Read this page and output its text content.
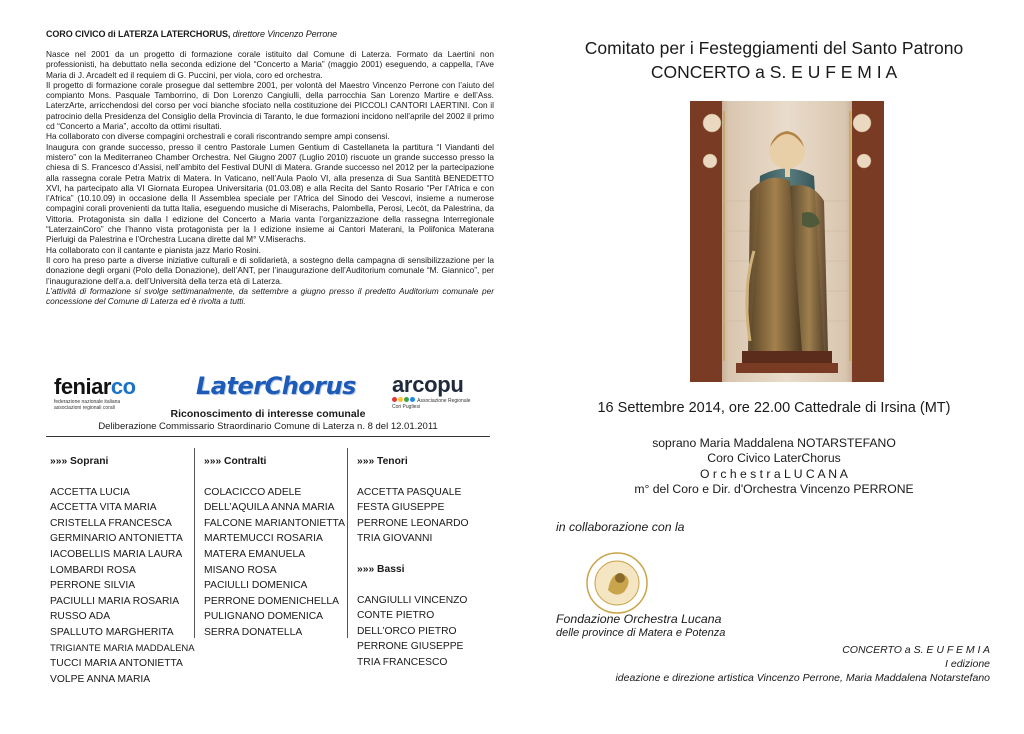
CORO CIVICO di LATERZA LATERCHORUS, direttore Vincenzo Perrone

Nasce nel 2001 da un progetto di formazione corale istituito dal Comune di Laterza. Formato da Laertini non professionisti, ha debuttato nella seconda edizione del “Concerto a Maria” (maggio 2001) eseguendo, a cappella, l’Ave Maria di J. Arcadelt ed il requiem di G. Puccini, per viola, coro ed orchestra.

Il progetto di formazione corale prosegue dal settembre 2001, per volontà del Maestro Vincenzo Perrone con l’aiuto del compianto Mons. Pasquale Tamborrino, di Don Lorenzo Cangiulli, della parrocchia San Lorenzo Martire e dell’Ass. LaterzArte, arricchendosi del corso per voci bianche sfociato nella costituzione dei PICCOLI CANTORI LAERTINI. Con il patrocinio della Presidenza del Consiglio della Provincia di Taranto, le due formazioni incidono nell’aprile del 2002 il primo cd “Concerto a Maria”, accolto da ottimi risultati.

Ha collaborato con diverse compagini orchestrali e corali riscontrando sempre ampi consensi.

Inaugura con grande successo, presso il centro Pastorale Lumen Gentium di Castellaneta la partitura “I Viandanti del mistero” con la Mediterraneo Chamber Orchestra. Nel Giugno 2007 (Luglio 2010) riscuote un grande successo presso la chiesa di S. Francesco d’Assisi, nell’ambito del Festival DUNI di Matera. Grande successo nel 2012 per la partecipazione alla rassegna corale Petra Matrix di Matera. In Vaticano, nell’Aula Paolo VI, alla presenza di Sua Santità BENEDETTO XVI, ha partecipato alla VI Giornata Europea Universitaria (01.03.08) e alla Recita del Santo Rosario “Per l’Africa e con l’Africa” (10.10.09) in occasione della II Assemblea speciale per l’Africa del Sinodo dei Vescovi, insieme a numerose compagini corali provenienti da tutta Italia, eseguendo musiche di Miserachs, Palombella, Perosi, Lecòt, da Palestrina, da Vittoria. Protagonista sin dalla I edizione del Concerto a Maria vanta l’organizzazione della rassegna Interregionale “LaterzainCoro” che l’hanno vista protagonista per la I edizione insieme ai Cantori Materani, la Polifonica Materana Pierluigi da Palestrina e l’Orchestra Lucana dirette dal M° V.Miserachs.

Ha collaborato con il cantante e pianista jazz Mario Rosini.

Il coro ha preso parte a diverse iniziative culturali e di solidarietà, a sostegno della campagna di sensibilizzazione per la donazione degli organi (Polo della Donazione), dell’ANT, per l’inaugurazione dell’Auditorium comunale “M. Giannico”, per l’inaugurazione dell’a.a. dell’Università della terza età di Laterza.

L’attività di formazione si svolge settimanalmente, da settembre a giugno presso il predetto Auditorium comunale per concessione del Comune di Laterza ed è rivolta a tutti.

feniarco
federazione nazionale italiana
associazioni regionali corali
LaterChorus arcopu
Associazione Regionale
Cori Pugliesi
Riconoscimento di interesse comunale
Deliberazione Commissario Straordinario Comune di Laterza n. 8 del 12.01.2011
»»» Soprani
ACCETTA LUCIA
ACCETTA VITA MARIA
CRISTELLA FRANCESCA
GERMINARIO ANTONIETTA
IACOBELLIS MARIA LAURA
LOMBARDI ROSA
PERRONE SILVIA
PACIULLI MARIA ROSARIA
RUSSO ADA
SPALLUTO MARGHERITA
TRIGIANTE MARIA MADDALENA
TUCCI MARIA ANTONIETTA
VOLPE ANNA MARIA
»»» Contralti
COLACICCO ADELE
DELL’AQUILA ANNA MARIA
FALCONE MARIANTONIETTA
MARTEMUCCI ROSARIA
MATERA EMANUELA
MISANO ROSA
PACIULLI DOMENICA
PERRONE DOMENICHELLA
PULIGNANO DOMENICA
SERRA DONATELLA
»»» Tenori
ACCETTA PASQUALE
FESTA GIUSEPPE
PERRONE LEONARDO
TRIA GIOVANNI
»»» Bassi
CANGIULLI VINCENZO
CONTE PIETRO
DELL’ORCO PIETRO
PERRONE GIUSEPPE
TRIA FRANCESCO
Comitato per i Festeggiamenti del Santo Patrono
CONCERTO a S. E U F E M I A
16 Settembre 2014, ore 22.00 Cattedrale di Irsina (MT)
soprano Maria Maddalena NOTARSTEFANO
Coro Civico LaterChorus
O r c h e s t r a L U C A N A
m° del Coro e Dir. d'Orchestra Vincenzo PERRONE
in collaborazione con la
Fondazione Orchestra Lucana
delle province di Matera e Potenza
CONCERTO a S. E U F E M I A
I edizione
ideazione e direzione artistica Vincenzo Perrone, Maria Maddalena Notarstefano
